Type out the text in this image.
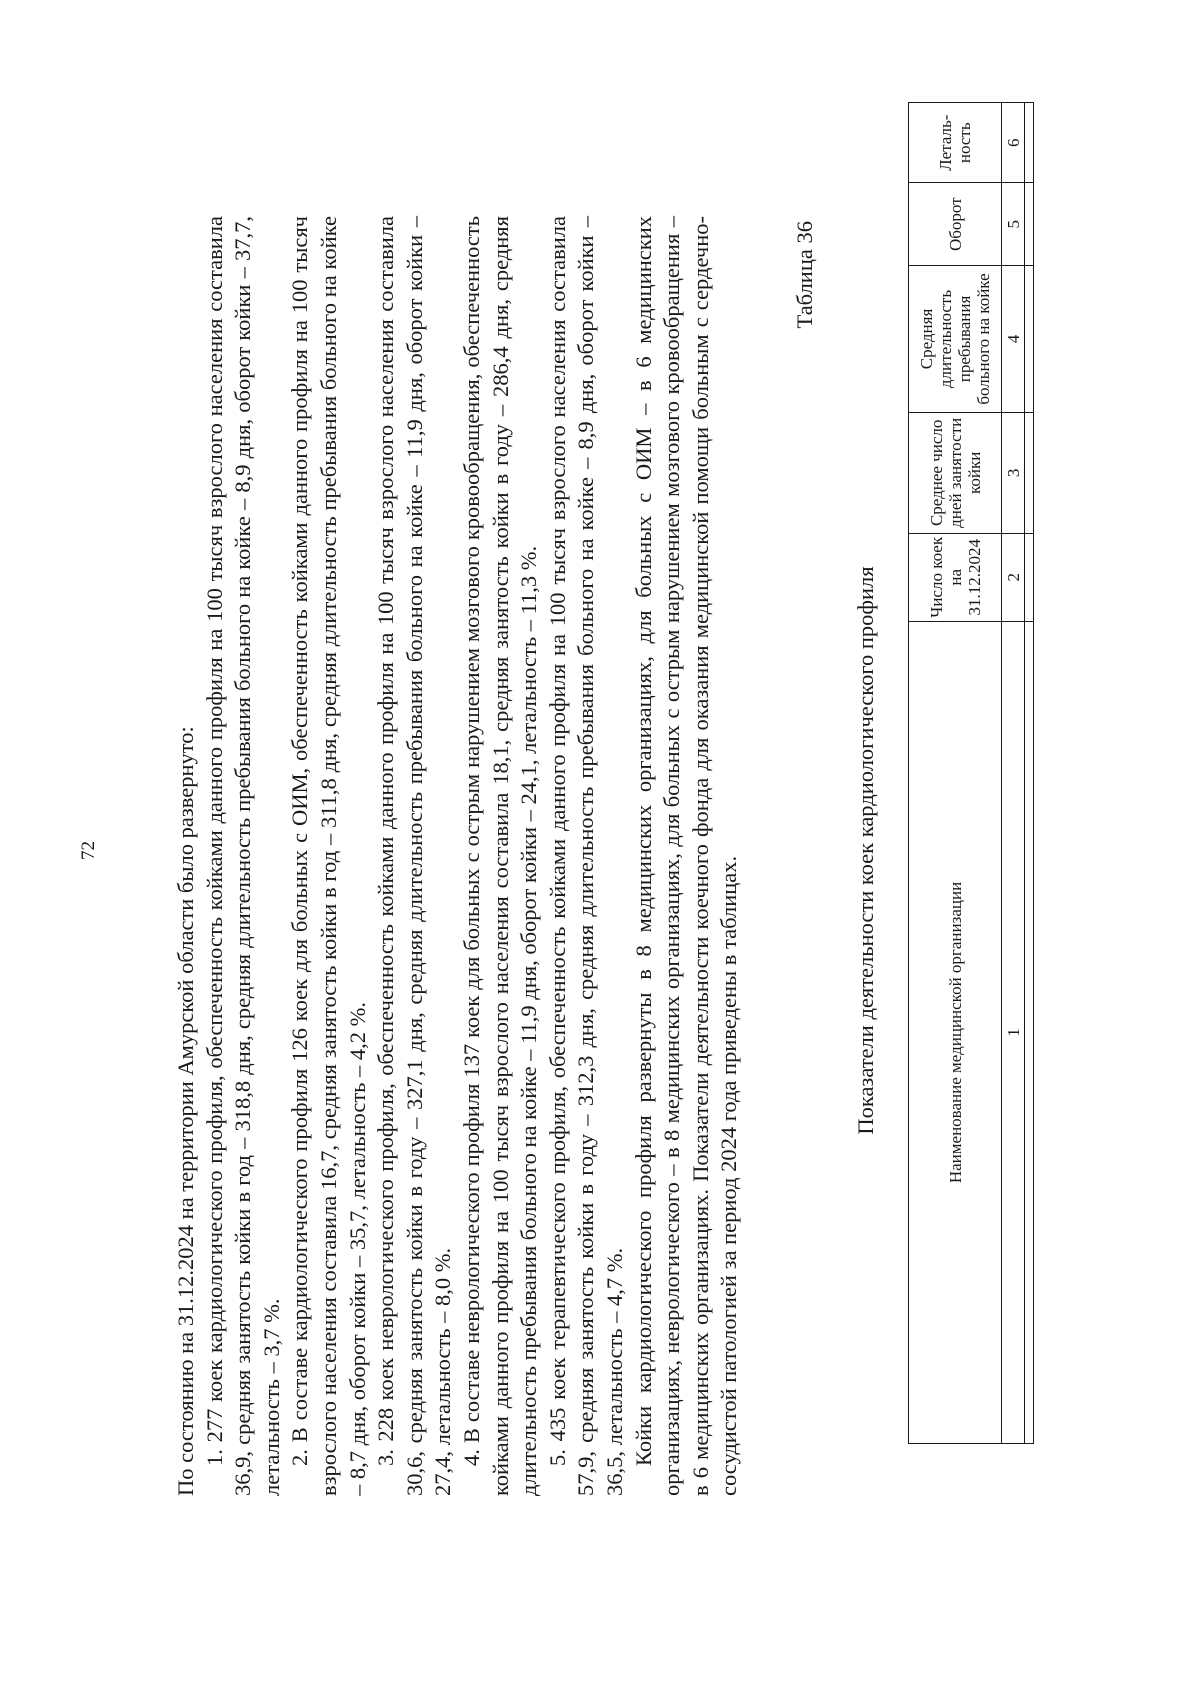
72	По состоянию на 31.12.2024 на территории Амурской области было развернуто: 1. 277 коек кардиологического профиля, обеспеченность койками данного профиля на 100 тысяч взрослого населения составила 36,9, средняя занятость койки в год – 318,8 дня, средняя длительность пребывания больного на койке – 8,9 дня, оборот койки – 37,7, летальность – 3,7 %. 2. В составе кардиологического профиля 126 коек для больных с ОИМ, обеспеченность койками данного профиля на 100 тысяч взрослого населения составила 16,7, средняя занятость койки в год – 311,8 дня, средняя длительность пребывания больного на койке – 8,7 дня, оборот койки – 35,7, летальность – 4,2 %. 3. 228 коек неврологического профиля, обеспеченность койками данного профиля на 100 тысяч взрослого населения составила 30,6, средняя занятость койки в году – 327,1 дня, средняя длительность пребывания больного на койке – 11,9 дня, оборот койки – 27,4, летальность – 8,0 %. 4. В составе неврологического профиля 137 коек для больных с острым нарушением мозгового кровообращения, обеспеченность койками данного профиля на 100 тысяч взрослого населения составила 18,1, средняя занятость койки в году – 286,4 дня, средняя длительность пребывания больного на койке – 11,9 дня, оборот койки – 24,1, летальность – 11,3 %. 5. 435 коек терапевтического профиля, обеспеченность койками данного профиля на 100 тысяч взрослого населения составила 57,9, средняя занятость койки в году – 312,3 дня, средняя длительность пребывания больного на койке – 8,9 дня, оборот койки – 36,5, летальность – 4,7 %. Койки кардиологического профиля развернуты в 8 медицинских организациях, для больных с ОИМ – в 6 медицинских организациях, неврологического – в 8 медицинских организациях, для больных с острым нарушением мозгового кровообращения – в 6 медицинских организациях. Показатели деятельности коечного фонда для оказания медицинской помощи больным с сердечно-сосудистой патологией за период 2024 года приведены в таблицах.

Таблица 36
Показатели деятельности коек кардиологического профиля	Наименование медицинской организации	Число коек на 31.12.2024	Среднее число дней занятости койки	Средняя длительность пребывания больного на койке	Оборот	Леталь-ность
1	2	3	4	5	6
